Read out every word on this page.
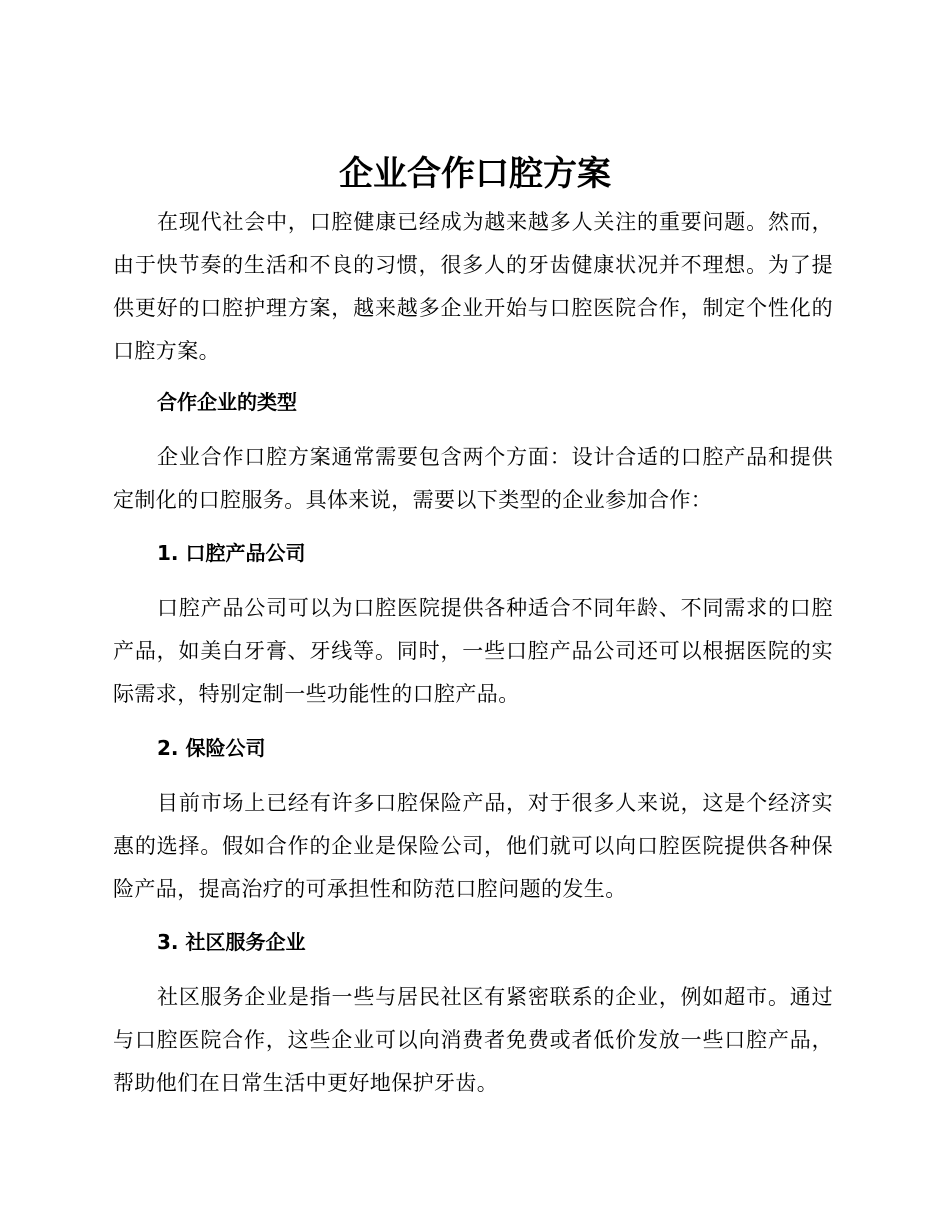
企业合作口腔方案

在现代社会中，口腔健康已经成为越来越多人关注的重要问题。然而，由于快节奏的生活和不良的习惯，很多人的牙齿健康状况并不理想。为了提供更好的口腔护理方案，越来越多企业开始与口腔医院合作，制定个性化的口腔方案。

合作企业的类型

企业合作口腔方案通常需要包含两个方面：设计合适的口腔产品和提供定制化的口腔服务。具体来说，需要以下类型的企业参加合作：

1. 口腔产品公司

口腔产品公司可以为口腔医院提供各种适合不同年龄、不同需求的口腔产品，如美白牙膏、牙线等。同时，一些口腔产品公司还可以根据医院的实际需求，特别定制一些功能性的口腔产品。

2. 保险公司

目前市场上已经有许多口腔保险产品，对于很多人来说，这是个经济实惠的选择。假如合作的企业是保险公司，他们就可以向口腔医院提供各种保险产品，提高治疗的可承担性和防范口腔问题的发生。

3. 社区服务企业

社区服务企业是指一些与居民社区有紧密联系的企业，例如超市。通过与口腔医院合作，这些企业可以向消费者免费或者低价发放一些口腔产品，帮助他们在日常生活中更好地保护牙齿。
